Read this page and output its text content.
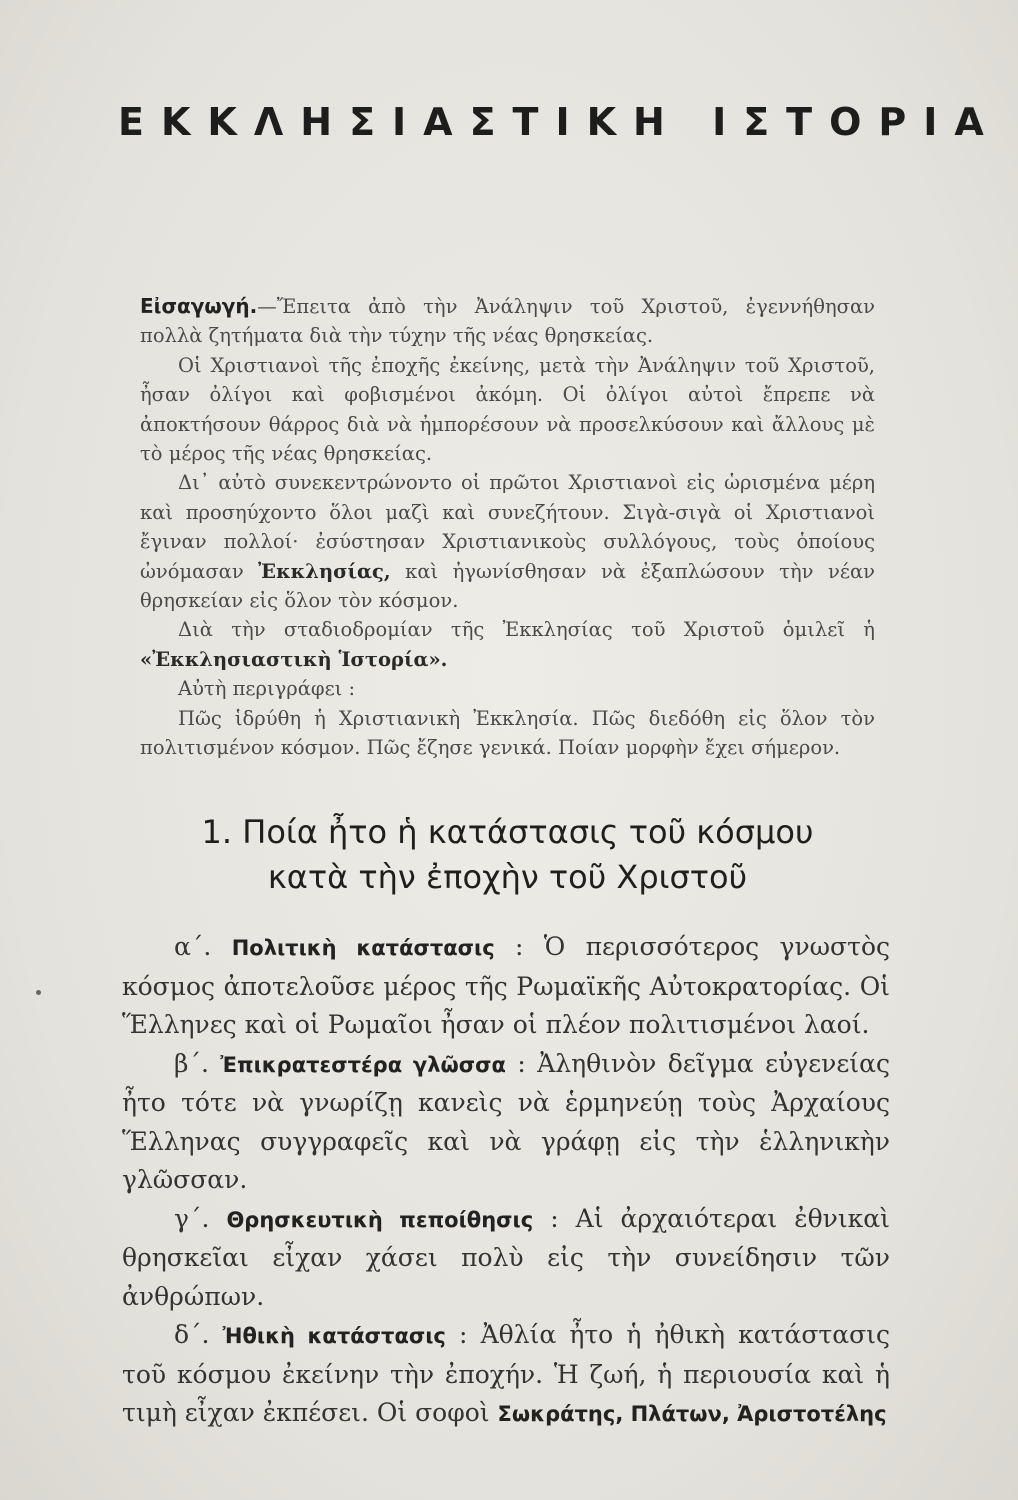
ΕΚΚΛΗΣΙΑΣΤΙΚΗ ΙΣΤΟΡΙΑ

Εἰσαγωγή.—Ἔπειτα ἀπὸ τὴν Ἀνάληψιν τοῦ Χριστοῦ, ἐγεννήθησαν πολλὰ ζητήματα διὰ τὴν τύχην τῆς νέας θρησκείας.

Οἱ Χριστιανοὶ τῆς ἐποχῆς ἐκείνης, μετὰ τὴν Ἀνάληψιν τοῦ Χριστοῦ, ἦσαν ὀλίγοι καὶ φοβισμένοι ἀκόμη. Οἱ ὀλίγοι αὐτοὶ ἔπρεπε νὰ ἀποκτήσουν θάρρος διὰ νὰ ἠμπορέσουν νὰ προσελκύσουν καὶ ἄλλους μὲ τὸ μέρος τῆς νέας θρησκείας.

Δι᾽ αὐτὸ συνεκεντρώνοντο οἱ πρῶτοι Χριστιανοὶ εἰς ὡρισμένα μέρη καὶ προσηύχοντο ὅλοι μαζὶ καὶ συνεζήτουν. Σιγὰ-σιγὰ οἱ Χριστιανοὶ ἔγιναν πολλοί· ἐσύστησαν Χριστιανικοὺς συλλόγους, τοὺς ὁποίους ὠνόμασαν Ἐκκλησίας, καὶ ἠγωνίσθησαν νὰ ἐξαπλώσουν τὴν νέαν θρησκείαν εἰς ὅλον τὸν κόσμον.

Διὰ τὴν σταδιοδρομίαν τῆς Ἐκκλησίας τοῦ Χριστοῦ ὁμιλεῖ ἡ «Ἐκκλησιαστικὴ Ἱστορία».

Αὐτὴ περιγράφει :

Πῶς ἱδρύθη ἡ Χριστιανικὴ Ἐκκλησία. Πῶς διεδόθη εἰς ὅλον τὸν πολιτισμένον κόσμον. Πῶς ἔζησε γενικά. Ποίαν μορφὴν ἔχει σήμερον.

1. Ποία ἦτο ἡ κατάστασις τοῦ κόσμου
κατὰ τὴν ἐποχὴν τοῦ Χριστοῦ

α΄. Πολιτικὴ κατάστασις : Ὁ περισσότερος γνωστὸς κόσμος ἀποτελοῦσε μέρος τῆς Ρωμαϊκῆς Αὐτοκρατορίας. Οἱ Ἕλληνες καὶ οἱ Ρωμαῖοι ἦσαν οἱ πλέον πολιτισμένοι λαοί.

β΄. Ἐπικρατεστέρα γλῶσσα : Ἀληθινὸν δεῖγμα εὐγενείας ἦτο τότε νὰ γνωρίζῃ κανεὶς νὰ ἑρμηνεύῃ τοὺς Ἀρχαίους Ἕλληνας συγγραφεῖς καὶ νὰ γράφῃ εἰς τὴν ἑλληνικὴν γλῶσσαν.

γ΄. Θρησκευτικὴ πεποίθησις : Αἱ ἀρχαιότεραι ἐθνικαὶ θρησκεῖαι εἶχαν χάσει πολὺ εἰς τὴν συνείδησιν τῶν ἀνθρώπων.

δ΄. Ἠθικὴ κατάστασις : Ἀθλία ἦτο ἡ ἠθικὴ κατάστασις τοῦ κόσμου ἐκείνην τὴν ἐποχήν. Ἡ ζωή, ἡ περιουσία καὶ ἡ τιμὴ εἶχαν ἐκπέσει. Οἱ σοφοὶ Σωκράτης, Πλάτων, Ἀριστοτέλης
